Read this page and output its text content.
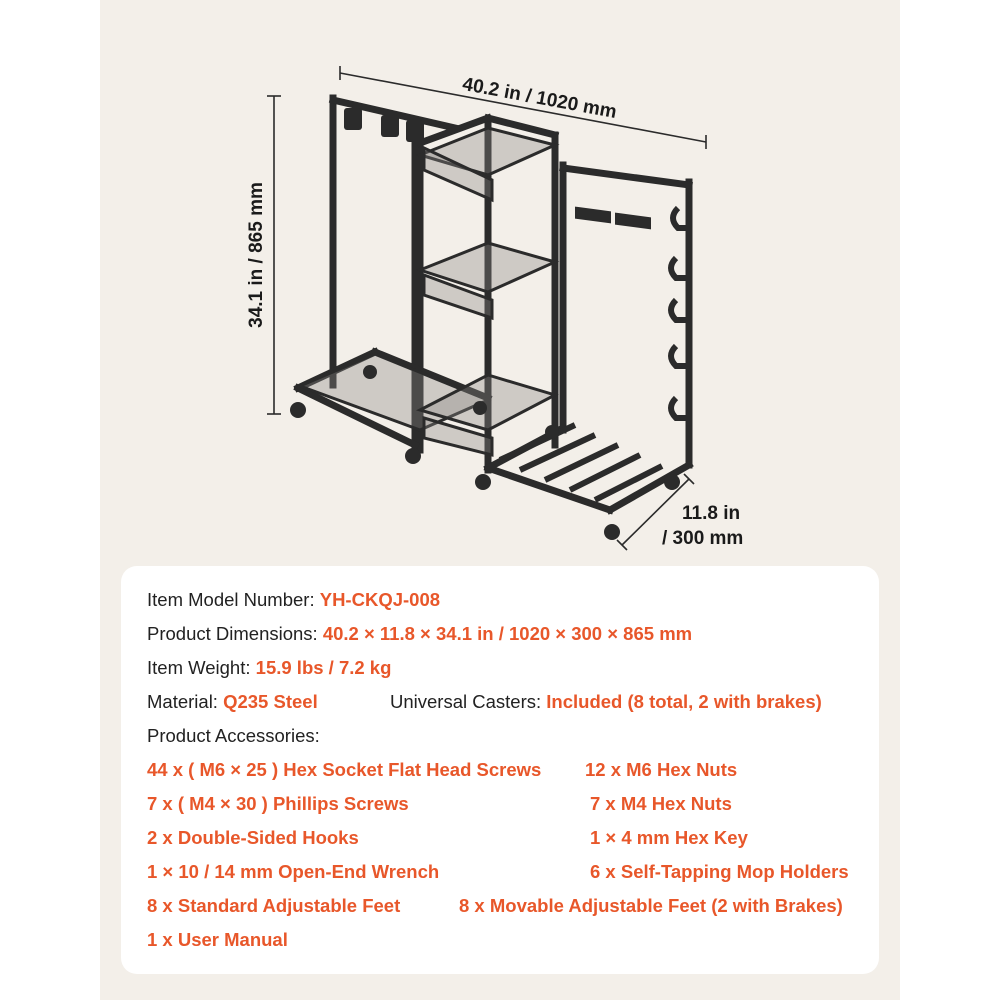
40.2 in / 1020 mm
34.1 in / 865 mm
11.8 in
/ 300 mm
Item Model Number: YH-CKQJ-008
Product Dimensions: 40.2 × 11.8 × 34.1 in / 1020 × 300 × 865 mm
Item Weight: 15.9 lbs / 7.2 kg
Material: Q235 Steel	Universal Casters: Included (8 total, 2 with brakes)
Product Accessories:
44 x ( M6 × 25 ) Hex Socket Flat Head Screws 12 x M6 Hex Nuts
7 x ( M4 × 30 ) Phillips Screws	7 x M4 Hex Nuts
2 x Double-Sided Hooks	1 × 4 mm Hex Key
1 × 10 / 14 mm Open-End Wrench	6 x Self-Tapping Mop Holders
8 x Standard Adjustable Feet	8 x Movable Adjustable Feet (2 with Brakes)
1 x User Manual
